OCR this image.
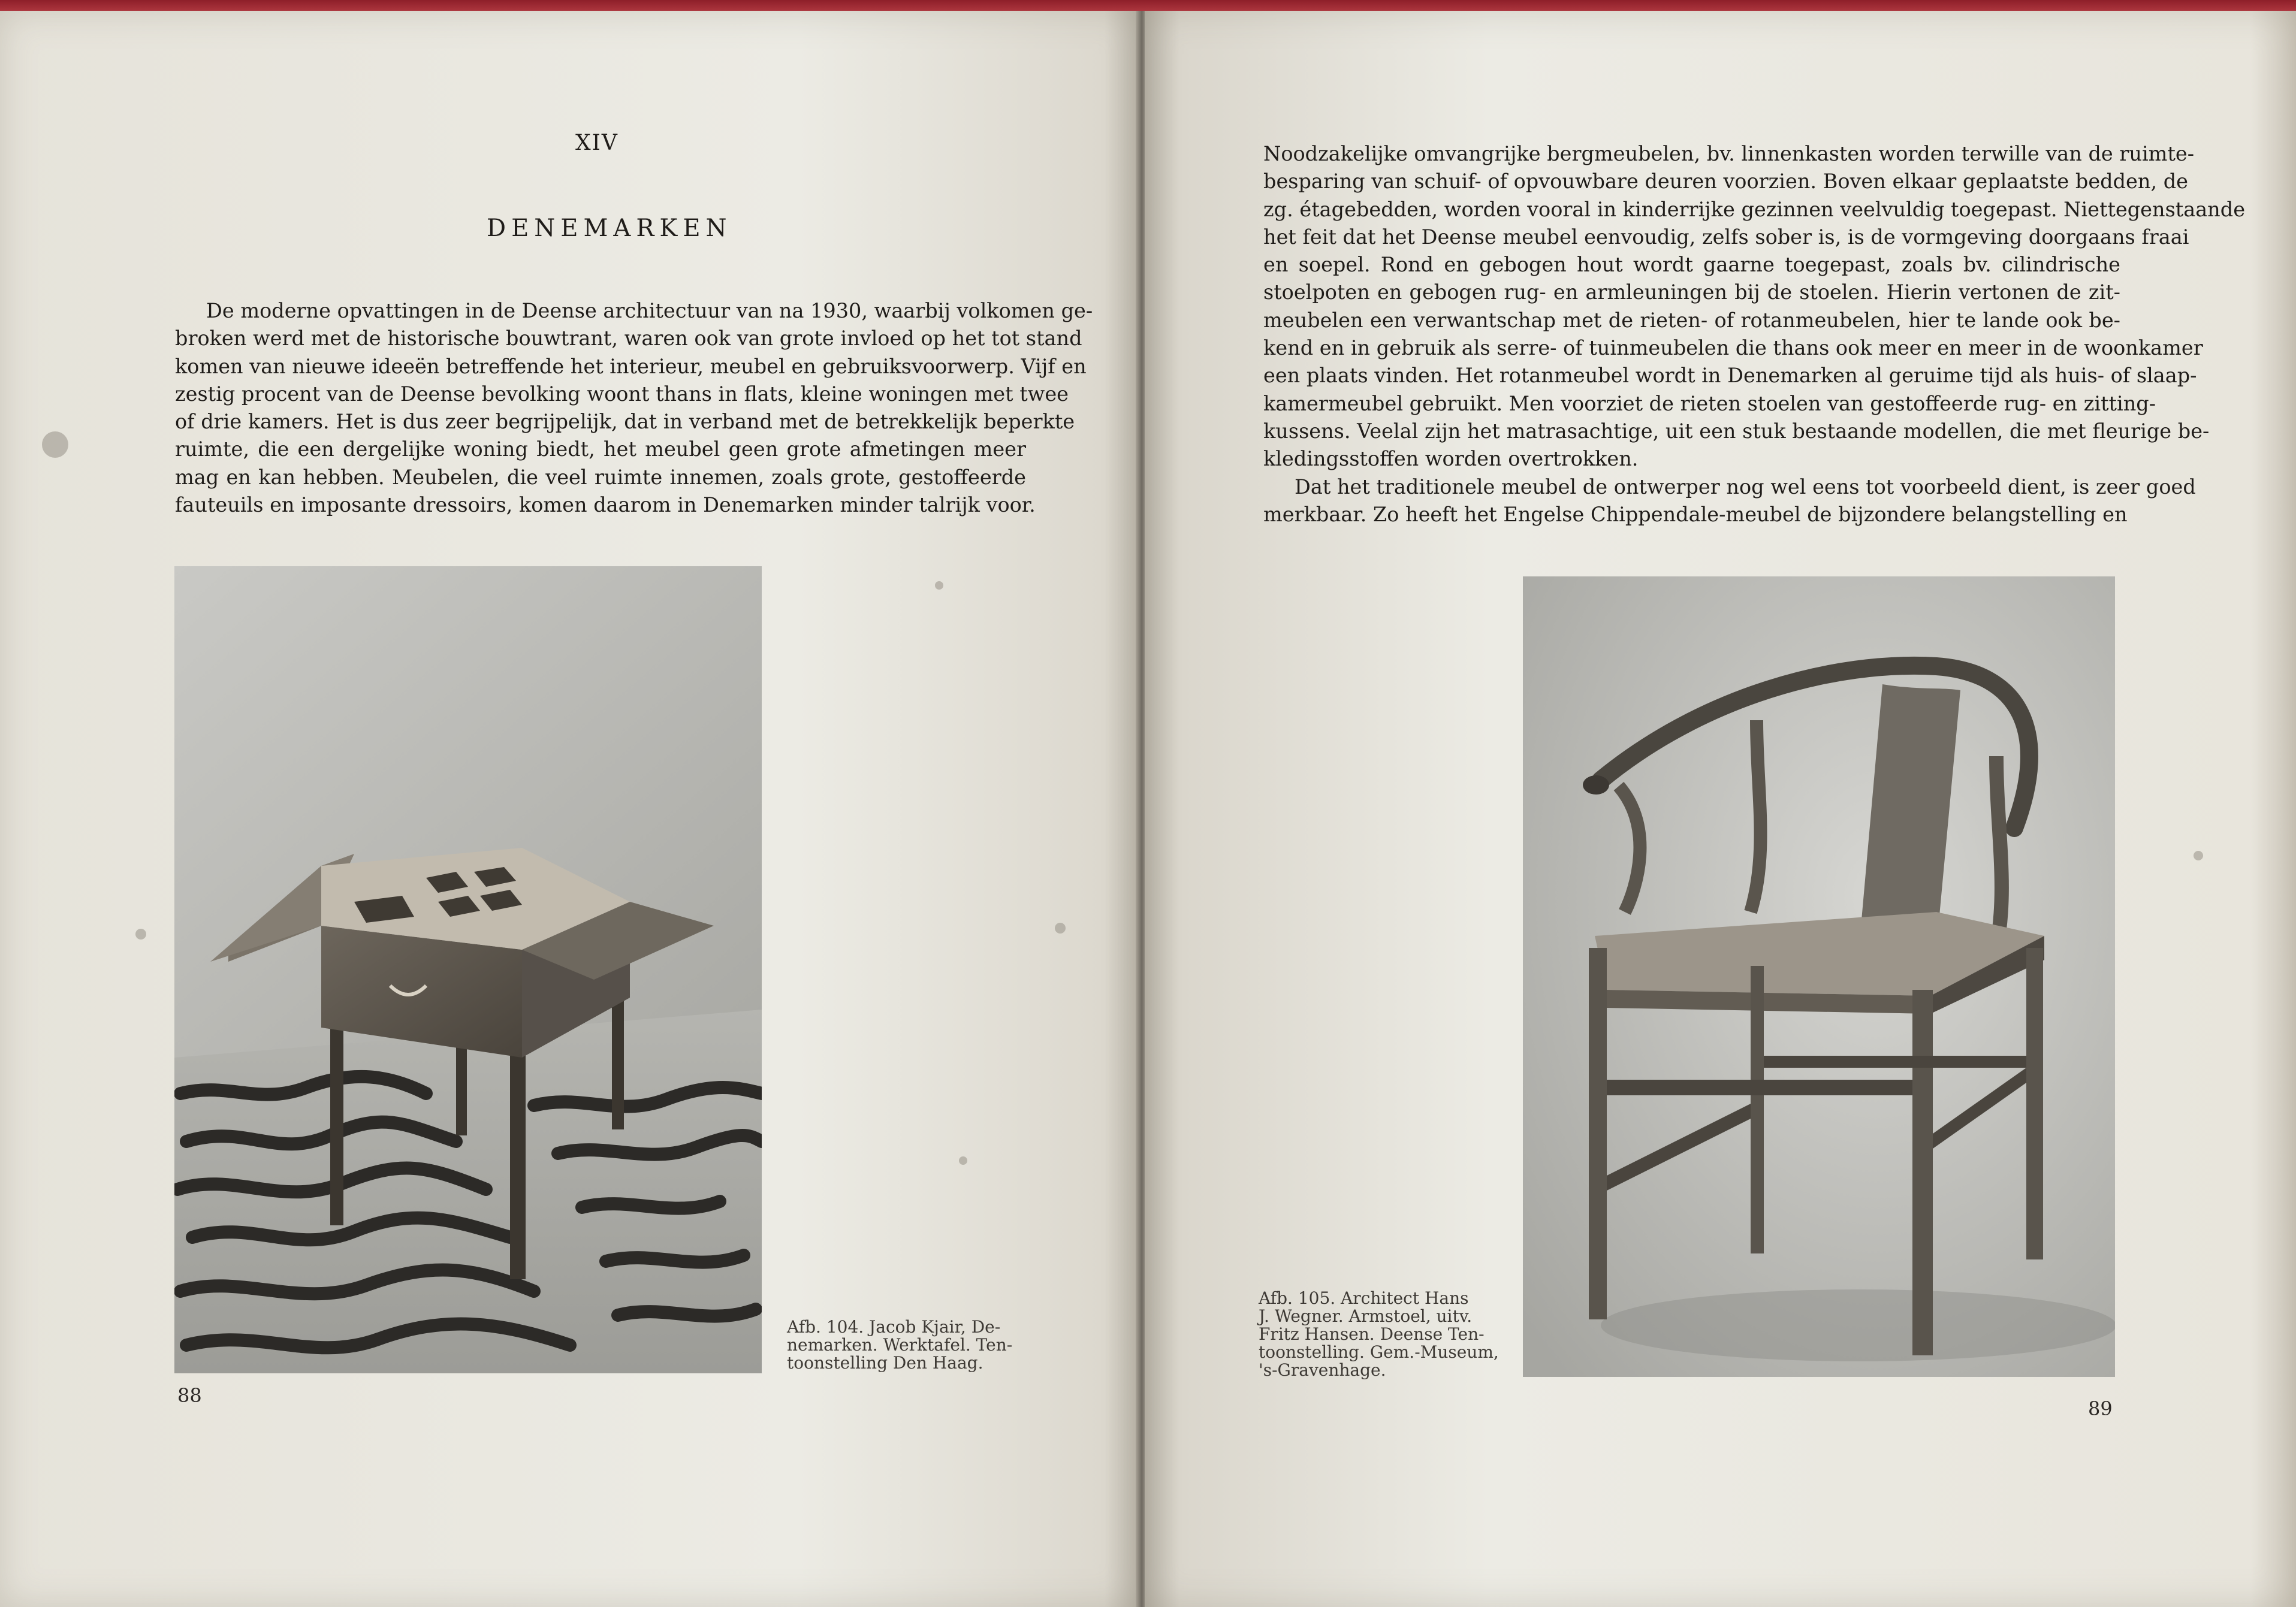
XIV
DENEMARKEN
De moderne opvattingen in de Deense architectuur van na 1930, waarbij volkomen ge-
broken werd met de historische bouwtrant, waren ook van grote invloed op het tot stand
komen van nieuwe ideeën betreffende het interieur, meubel en gebruiksvoorwerp. Vijf en
zestig procent van de Deense bevolking woont thans in flats, kleine woningen met twee
of drie kamers. Het is dus zeer begrijpelijk, dat in verband met de betrekkelijk beperkte
ruimte, die een dergelijke woning biedt, het meubel geen grote afmetingen meer
mag en kan hebben. Meubelen, die veel ruimte innemen, zoals grote, gestoffeerde
fauteuils en imposante dressoirs, komen daarom in Denemarken minder talrijk voor.
Afb. 104. Jacob Kjair, De-
nemarken. Werktafel. Ten-
toonstelling Den Haag.
88
Noodzakelijke omvangrijke bergmeubelen, bv. linnenkasten worden terwille van de ruimte-
besparing van schuif- of opvouwbare deuren voorzien. Boven elkaar geplaatste bedden, de
zg. étagebedden, worden vooral in kinderrijke gezinnen veelvuldig toegepast. Niettegenstaande
het feit dat het Deense meubel eenvoudig, zelfs sober is, is de vormgeving doorgaans fraai
en soepel. Rond en gebogen hout wordt gaarne toegepast, zoals bv. cilindrische
stoelpoten en gebogen rug- en armleuningen bij de stoelen. Hierin vertonen de zit-
meubelen een verwantschap met de rieten- of rotanmeubelen, hier te lande ook be-
kend en in gebruik als serre- of tuinmeubelen die thans ook meer en meer in de woonkamer
een plaats vinden. Het rotanmeubel wordt in Denemarken al geruime tijd als huis- of slaap-
kamermeubel gebruikt. Men voorziet de rieten stoelen van gestoffeerde rug- en zitting-
kussens. Veelal zijn het matrasachtige, uit een stuk bestaande modellen, die met fleurige be-
kledingsstoffen worden overtrokken.
Dat het traditionele meubel de ontwerper nog wel eens tot voorbeeld dient, is zeer goed
merkbaar. Zo heeft het Engelse Chippendale-meubel de bijzondere belangstelling en
Afb. 105. Architect Hans
J. Wegner. Armstoel, uitv.
Fritz Hansen. Deense Ten-
toonstelling. Gem.-Museum,
's-Gravenhage.
89
